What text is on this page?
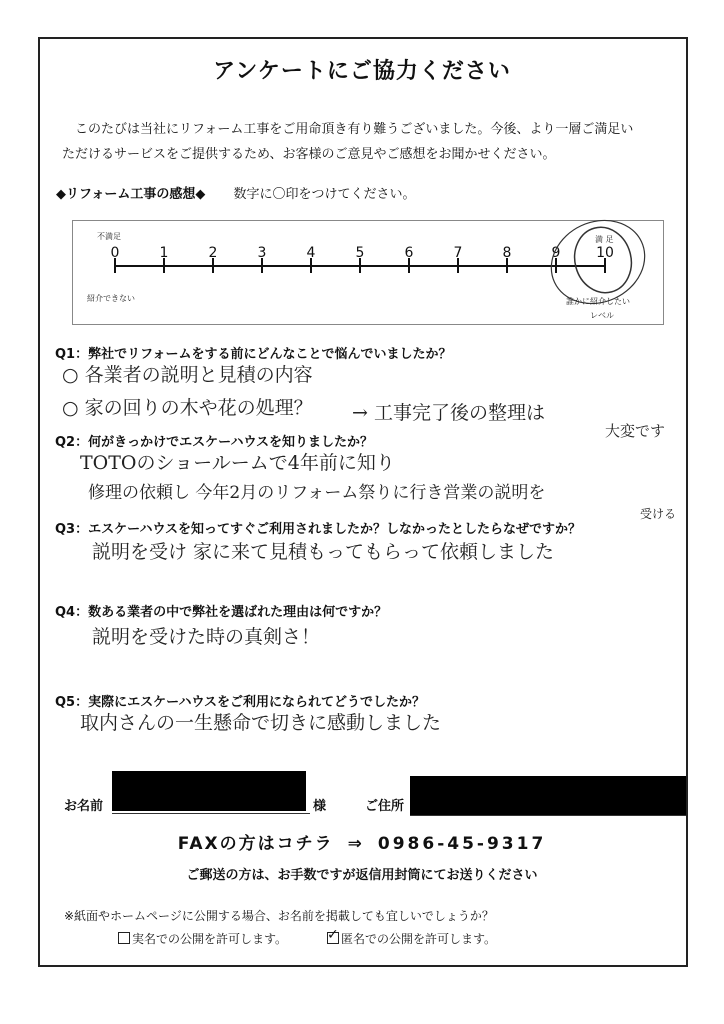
アンケートにご協力ください
このたびは当社にリフォーム工事をご用命頂き有り難うございました。今後、より一層ご満足い
ただけるサービスをご提供するため、お客様のご意見やご感想をお聞かせください。
◆リフォーム工事の感想◆ 数字に〇印をつけてください。
不満足
紹介できない
満 足
誰かに紹介したい
レベル
0	1	2	3	4	5	6	7	8	9	10
Q1：弊社でリフォームをする前にどんなことで悩んでいましたか？
○ 各業者の説明と見積の内容
○ 家の回りの木や花の処理？ → 工事完了後の整理は
大変です
Q2：何がきっかけでエスケーハウスを知りましたか？
TOTOのショールームで4年前に知り
修理の依頼し 今年2月のリフォーム祭りに行き営業の説明を
受ける
Q3：エスケーハウスを知ってすぐご利用されましたか？しなかったとしたらなぜですか？
説明を受け 家に来て見積もってもらって依頼しました
Q4：数ある業者の中で弊社を選ばれた理由は何ですか？
説明を受けた時の真剣さ！
Q5：実際にエスケーハウスをご利用になられてどうでしたか？
取内さんの一生懸命で切きに感動しました
お名前	様	ご住所
FAXの方はコチラ ⇒ 0986-45-9317
ご郵送の方は、お手数ですが返信用封筒にてお送りください
※紙面やホームページに公開する場合、お名前を掲載しても宜しいでしょうか？
実名での公開を許可します。 ✓	匿名での公開を許可します。
